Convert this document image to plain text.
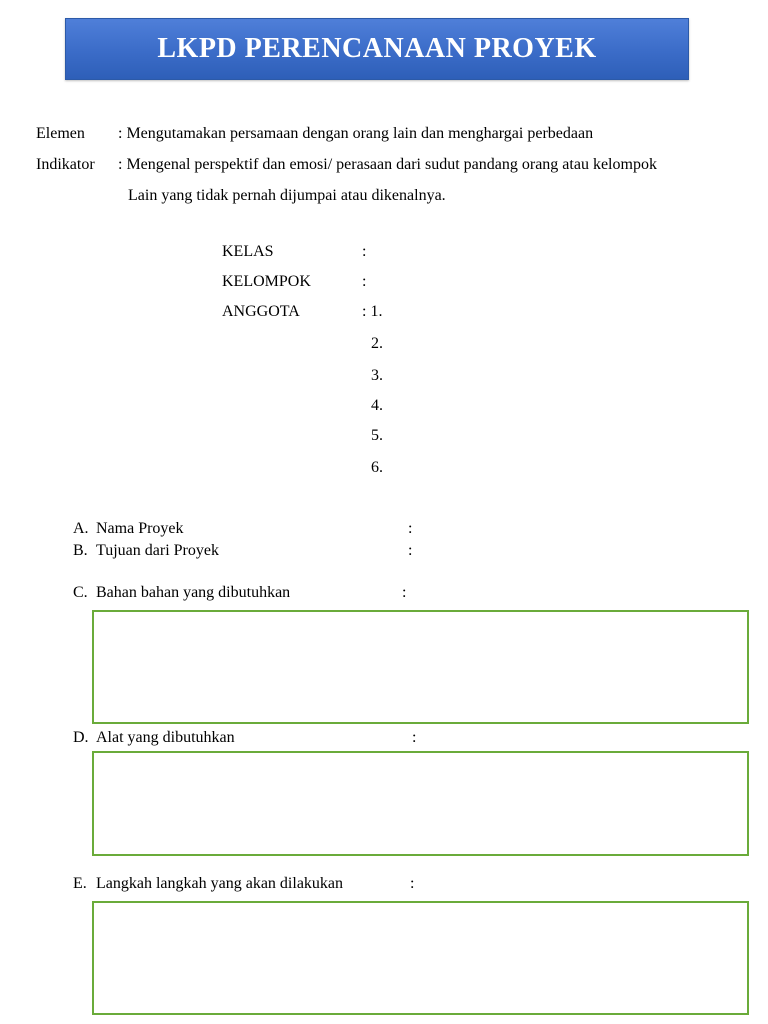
LKPD PERENCANAAN PROYEK
Elemen : Mengutamakan persamaan dengan orang lain dan menghargai perbedaan
Indikator : Mengenal perspektif dan emosi/ perasaan dari sudut pandang orang atau kelompok
Lain yang tidak pernah dijumpai atau dikenalnya.
KELAS	:
KELOMPOK	:
ANGGOTA	: 1.
2.
3.
4.
5.
6.
A. Nama Proyek	:
B. Tujuan dari Proyek	:
C. Bahan bahan yang dibutuhkan	:
D. Alat yang dibutuhkan	:
E. Langkah langkah yang akan dilakukan	:
